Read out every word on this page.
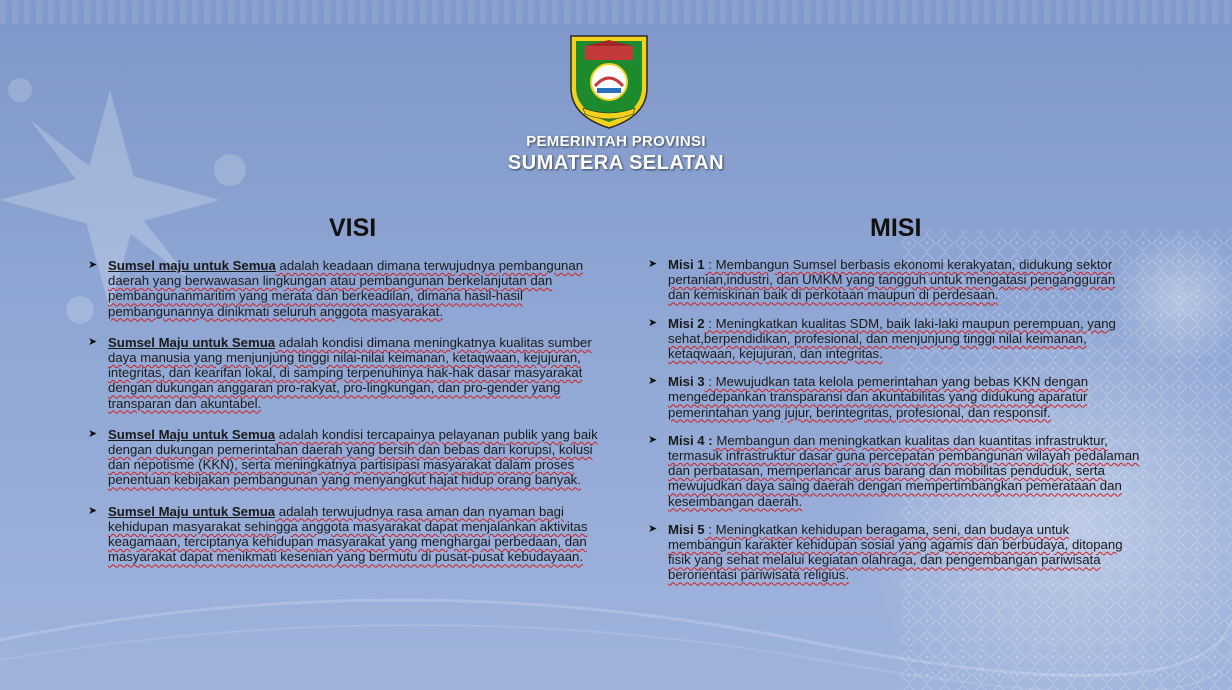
PEMERINTAH PROVINSI
SUMATERA SELATAN
VISI	MISI
➤ Sumsel maju untuk Semua adalah keadaan dimana terwujudnya pembangunan daerah yang berwawasan lingkungan atau pembangunan berkelanjutan dan pembangunanmaritim yang merata dan berkeadilan, dimana hasil-hasil pembangunannya dinikmati seluruh anggota masyarakat.
➤ Sumsel Maju untuk Semua adalah kondisi dimana meningkatnya kualitas sumber daya manusia yang menjunjung tinggi nilai-nilai keimanan, ketaqwaan, kejujuran, integritas, dan kearifan lokal, di samping terpenuhinya hak-hak dasar masyarakat dengan dukungan anggaran pro-rakyat, pro-lingkungan, dan pro-gender yang transparan dan akuntabel.
➤ Sumsel Maju untuk Semua adalah kondisi tercapainya pelayanan publik yang baik dengan dukungan pemerintahan daerah yang bersih dan bebas dari korupsi, kolusi dan nepotisme (KKN), serta meningkatnya partisipasi masyarakat dalam proses penentuan kebijakan pembangunan yang menyangkut hajat hidup orang banyak.
➤ Sumsel Maju untuk Semua adalah terwujudnya rasa aman dan nyaman bagi kehidupan masyarakat sehingga anggota masyarakat dapat menjalankan aktivitas keagamaan, terciptanya kehidupan masyarakat yang menghargai perbedaan, dan masyarakat dapat menikmati kesenian yang bermutu di pusat-pusat kebudayaan.
➤ Misi 1 : Membangun Sumsel berbasis ekonomi kerakyatan, didukung sektor pertanian,industri, dan UMKM yang tangguh untuk mengatasi pengangguran dan kemiskinan baik di perkotaan maupun di perdesaan.
➤ Misi 2 : Meningkatkan kualitas SDM, baik laki-laki maupun perempuan, yang sehat,berpendidikan, profesional, dan menjunjung tinggi nilai keimanan, ketaqwaan, kejujuran, dan integritas.
➤ Misi 3 : Mewujudkan tata kelola pemerintahan yang bebas KKN dengan mengedepankan transparansi dan akuntabilitas yang didukung aparatur pemerintahan yang jujur, berintegritas, profesional, dan responsif.
➤ Misi 4 : Membangun dan meningkatkan kualitas dan kuantitas infrastruktur, termasuk infrastruktur dasar guna percepatan pembangunan wilayah pedalaman dan perbatasan, memperlancar arus barang dan mobilitas penduduk, serta mewujudkan daya saing daerah dengan mempertimbangkan pemerataan dan keseimbangan daerah.
➤ Misi 5 : Meningkatkan kehidupan beragama, seni, dan budaya untuk membangun karakter kehidupan sosial yang agamis dan berbudaya, ditopang fisik yang sehat melalui kegiatan olahraga, dan pengembangan pariwisata berorientasi pariwisata religius.
